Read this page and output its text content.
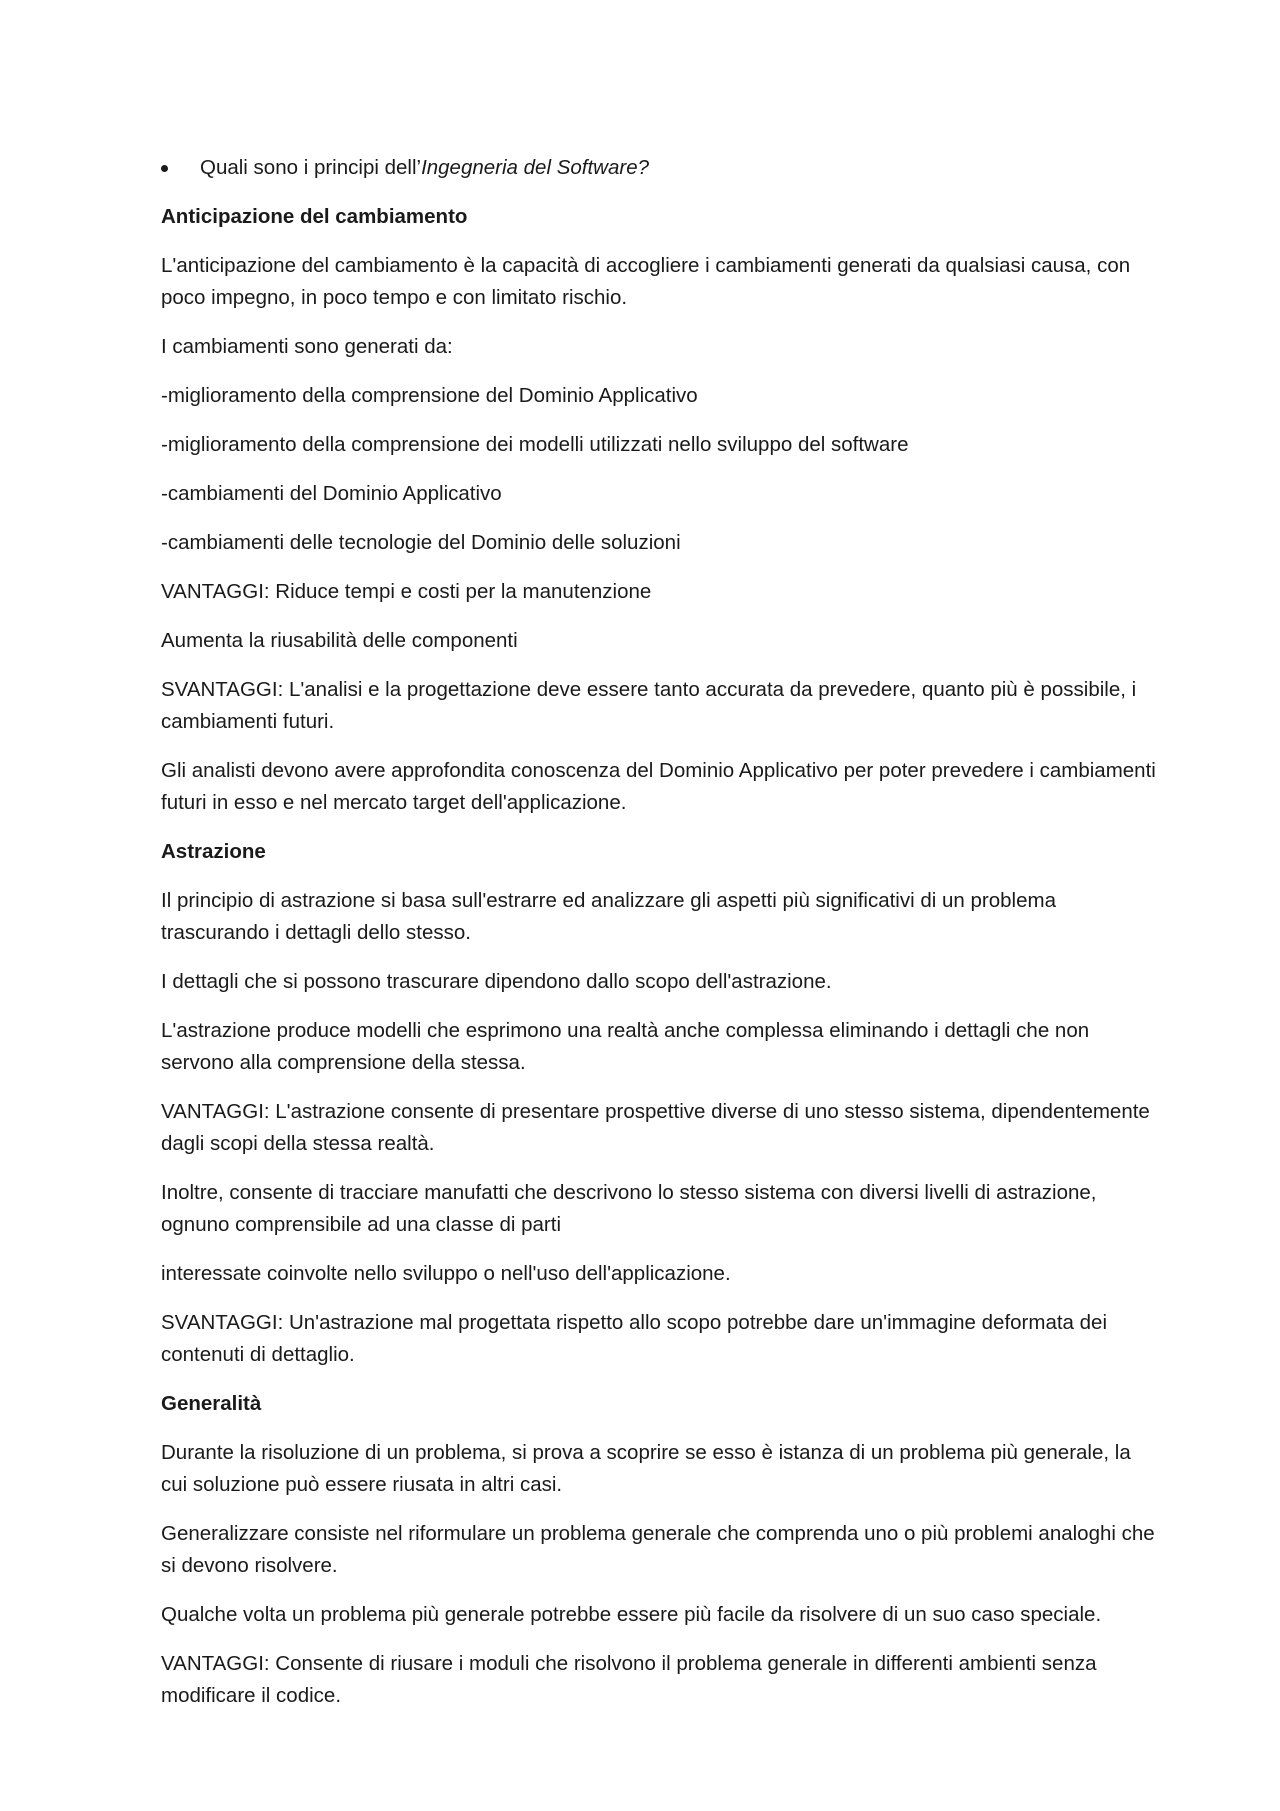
Quali sono i principi dell’Ingegneria del Software?
Anticipazione del cambiamento
L'anticipazione del cambiamento è la capacità di accogliere i cambiamenti generati da qualsiasi causa, con poco impegno, in poco tempo e con limitato rischio.
I cambiamenti sono generati da:
-miglioramento della comprensione del Dominio Applicativo
-miglioramento della comprensione dei modelli utilizzati nello sviluppo del software
-cambiamenti del Dominio Applicativo
-cambiamenti delle tecnologie del Dominio delle soluzioni
VANTAGGI: Riduce tempi e costi per la manutenzione
Aumenta la riusabilità delle componenti
SVANTAGGI: L'analisi e la progettazione deve essere tanto accurata da prevedere, quanto più è possibile, i cambiamenti futuri.
Gli analisti devono avere approfondita conoscenza del Dominio Applicativo per poter prevedere i cambiamenti futuri in esso e nel mercato target dell'applicazione.
Astrazione
Il principio di astrazione si basa sull'estrarre ed analizzare gli aspetti più significativi di un problema trascurando i dettagli dello stesso.
I dettagli che si possono trascurare dipendono dallo scopo dell'astrazione.
L'astrazione produce modelli che esprimono una realtà anche complessa eliminando i dettagli che non servono alla comprensione della stessa.
VANTAGGI: L'astrazione consente di presentare prospettive diverse di uno stesso sistema, dipendentemente dagli scopi della stessa realtà.
Inoltre, consente di tracciare manufatti che descrivono lo stesso sistema con diversi livelli di astrazione, ognuno comprensibile ad una classe di parti
interessate coinvolte nello sviluppo o nell'uso dell'applicazione.
SVANTAGGI: Un'astrazione mal progettata rispetto allo scopo potrebbe dare un'immagine deformata dei contenuti di dettaglio.
Generalità
Durante la risoluzione di un problema, si prova a scoprire se esso è istanza di un problema più generale, la cui soluzione può essere riusata in altri casi.
Generalizzare consiste nel riformulare un problema generale che comprenda uno o più problemi analoghi che si devono risolvere.
Qualche volta un problema più generale potrebbe essere più facile da risolvere di un suo caso speciale.
VANTAGGI: Consente di riusare i moduli che risolvono il problema generale in differenti ambienti senza modificare il codice.
